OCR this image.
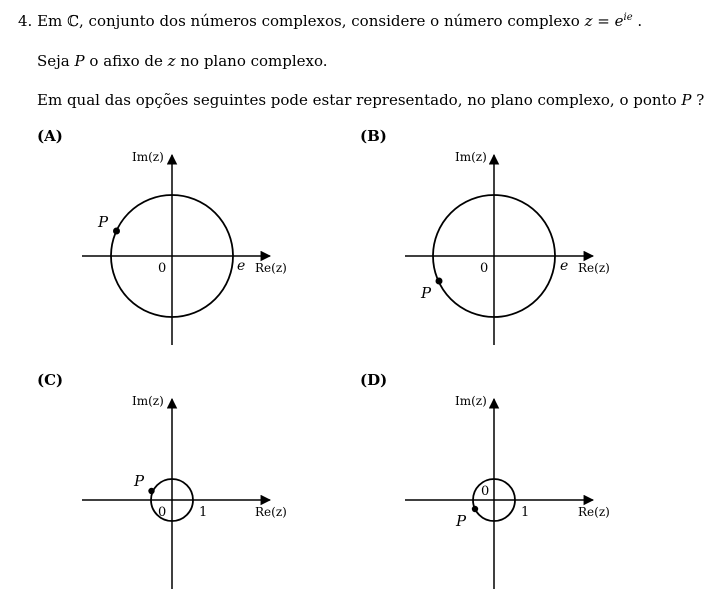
4. Em ℂ, conjunto dos números complexos, considere o número complexo $z = e^{ie}$ .
Seja P o afixo de z no plano complexo.
Em qual das opções seguintes pode estar representado, no plano complexo, o ponto P ?
(A)	(B)
(C)	(D)
Im(z)
Re(z)
0	e
P
Im(z)
Re(z)
0	e
P
Im(z)
Re(z)
0	1
P
Im(z)
Re(z)
0
1
P
